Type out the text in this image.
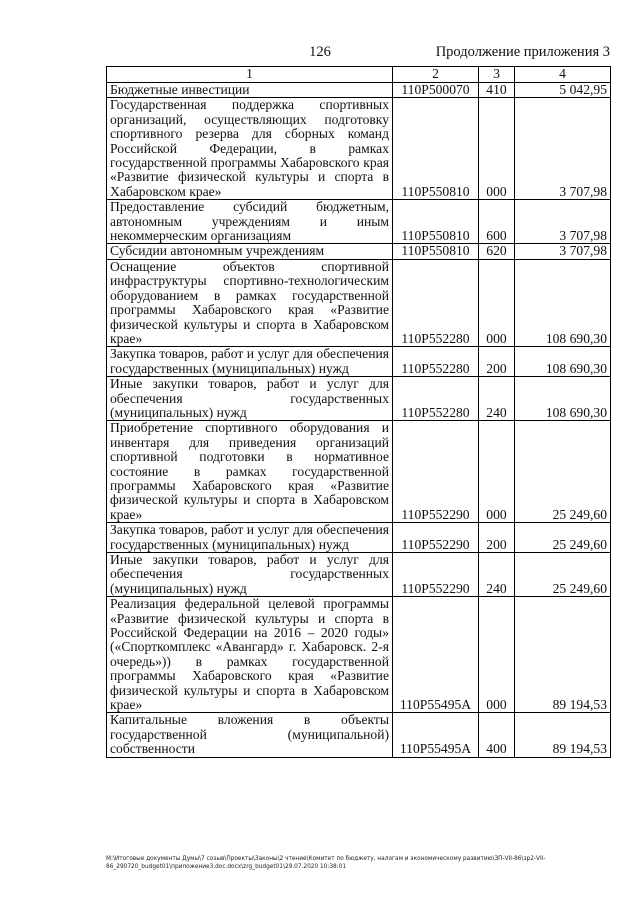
126	Продолжение приложения 3
1	2	3	4
Бюджетные инвестиции	110P500070	410	5 042,95
Государственная поддержка спортивных организаций, осуществляющих подготовку спортивного резерва для сборных команд Российской Федерации, в рамках государственной программы Хабаровского края «Развитие физической культуры и спорта в Хабаровском крае»	110P550810	000	3 707,98
Предоставление субсидий бюджетным, автономным учреждениям и иным некоммерческим организациям	110P550810	600	3 707,98
Субсидии автономным учреждениям	110P550810	620	3 707,98
Оснащение объектов спортивной инфраструктуры спортивно-технологическим оборудованием в рамках государственной программы Хабаровского края «Развитие физической культуры и спорта в Хабаровском крае»	110P552280	000	108 690,30
Закупка товаров, работ и услуг для обеспечения государственных (муниципальных) нужд	110P552280	200	108 690,30
Иные закупки товаров, работ и услуг для обеспечения государственных (муниципальных) нужд	110P552280	240	108 690,30
Приобретение спортивного оборудования и инвентаря для приведения организаций спортивной подготовки в нормативное состояние в рамках государственной программы Хабаровского края «Развитие физической культуры и спорта в Хабаровском крае»	110P552290	000	25 249,60
Закупка товаров, работ и услуг для обеспечения государственных (муниципальных) нужд	110P552290	200	25 249,60
Иные закупки товаров, работ и услуг для обеспечения государственных (муниципальных) нужд	110P552290	240	25 249,60
Реализация федеральной целевой программы «Развитие физической культуры и спорта в Российской Федерации на 2016 – 2020 годы» («Спорткомплекс «Авангард» г. Хабаровск. 2-я очередь»)) в рамках государственной программы Хабаровского края «Развитие физической культуры и спорта в Хабаровском крае»	110P55495A	000	89 194,53
Капитальные вложения в объекты государственной (муниципальной) собственности	110P55495A	400	89 194,53
M:\Итоговые документы Думы\7 созыв\Проекты\Законы\2 чтение\Комитет по бюджету, налогам и экономическому развитию\ЗП-VII-86\зр2-VII-86_290720_budget01\приложение3.doc.docx\zrg_budget01\29.07.2020 10:38:01
